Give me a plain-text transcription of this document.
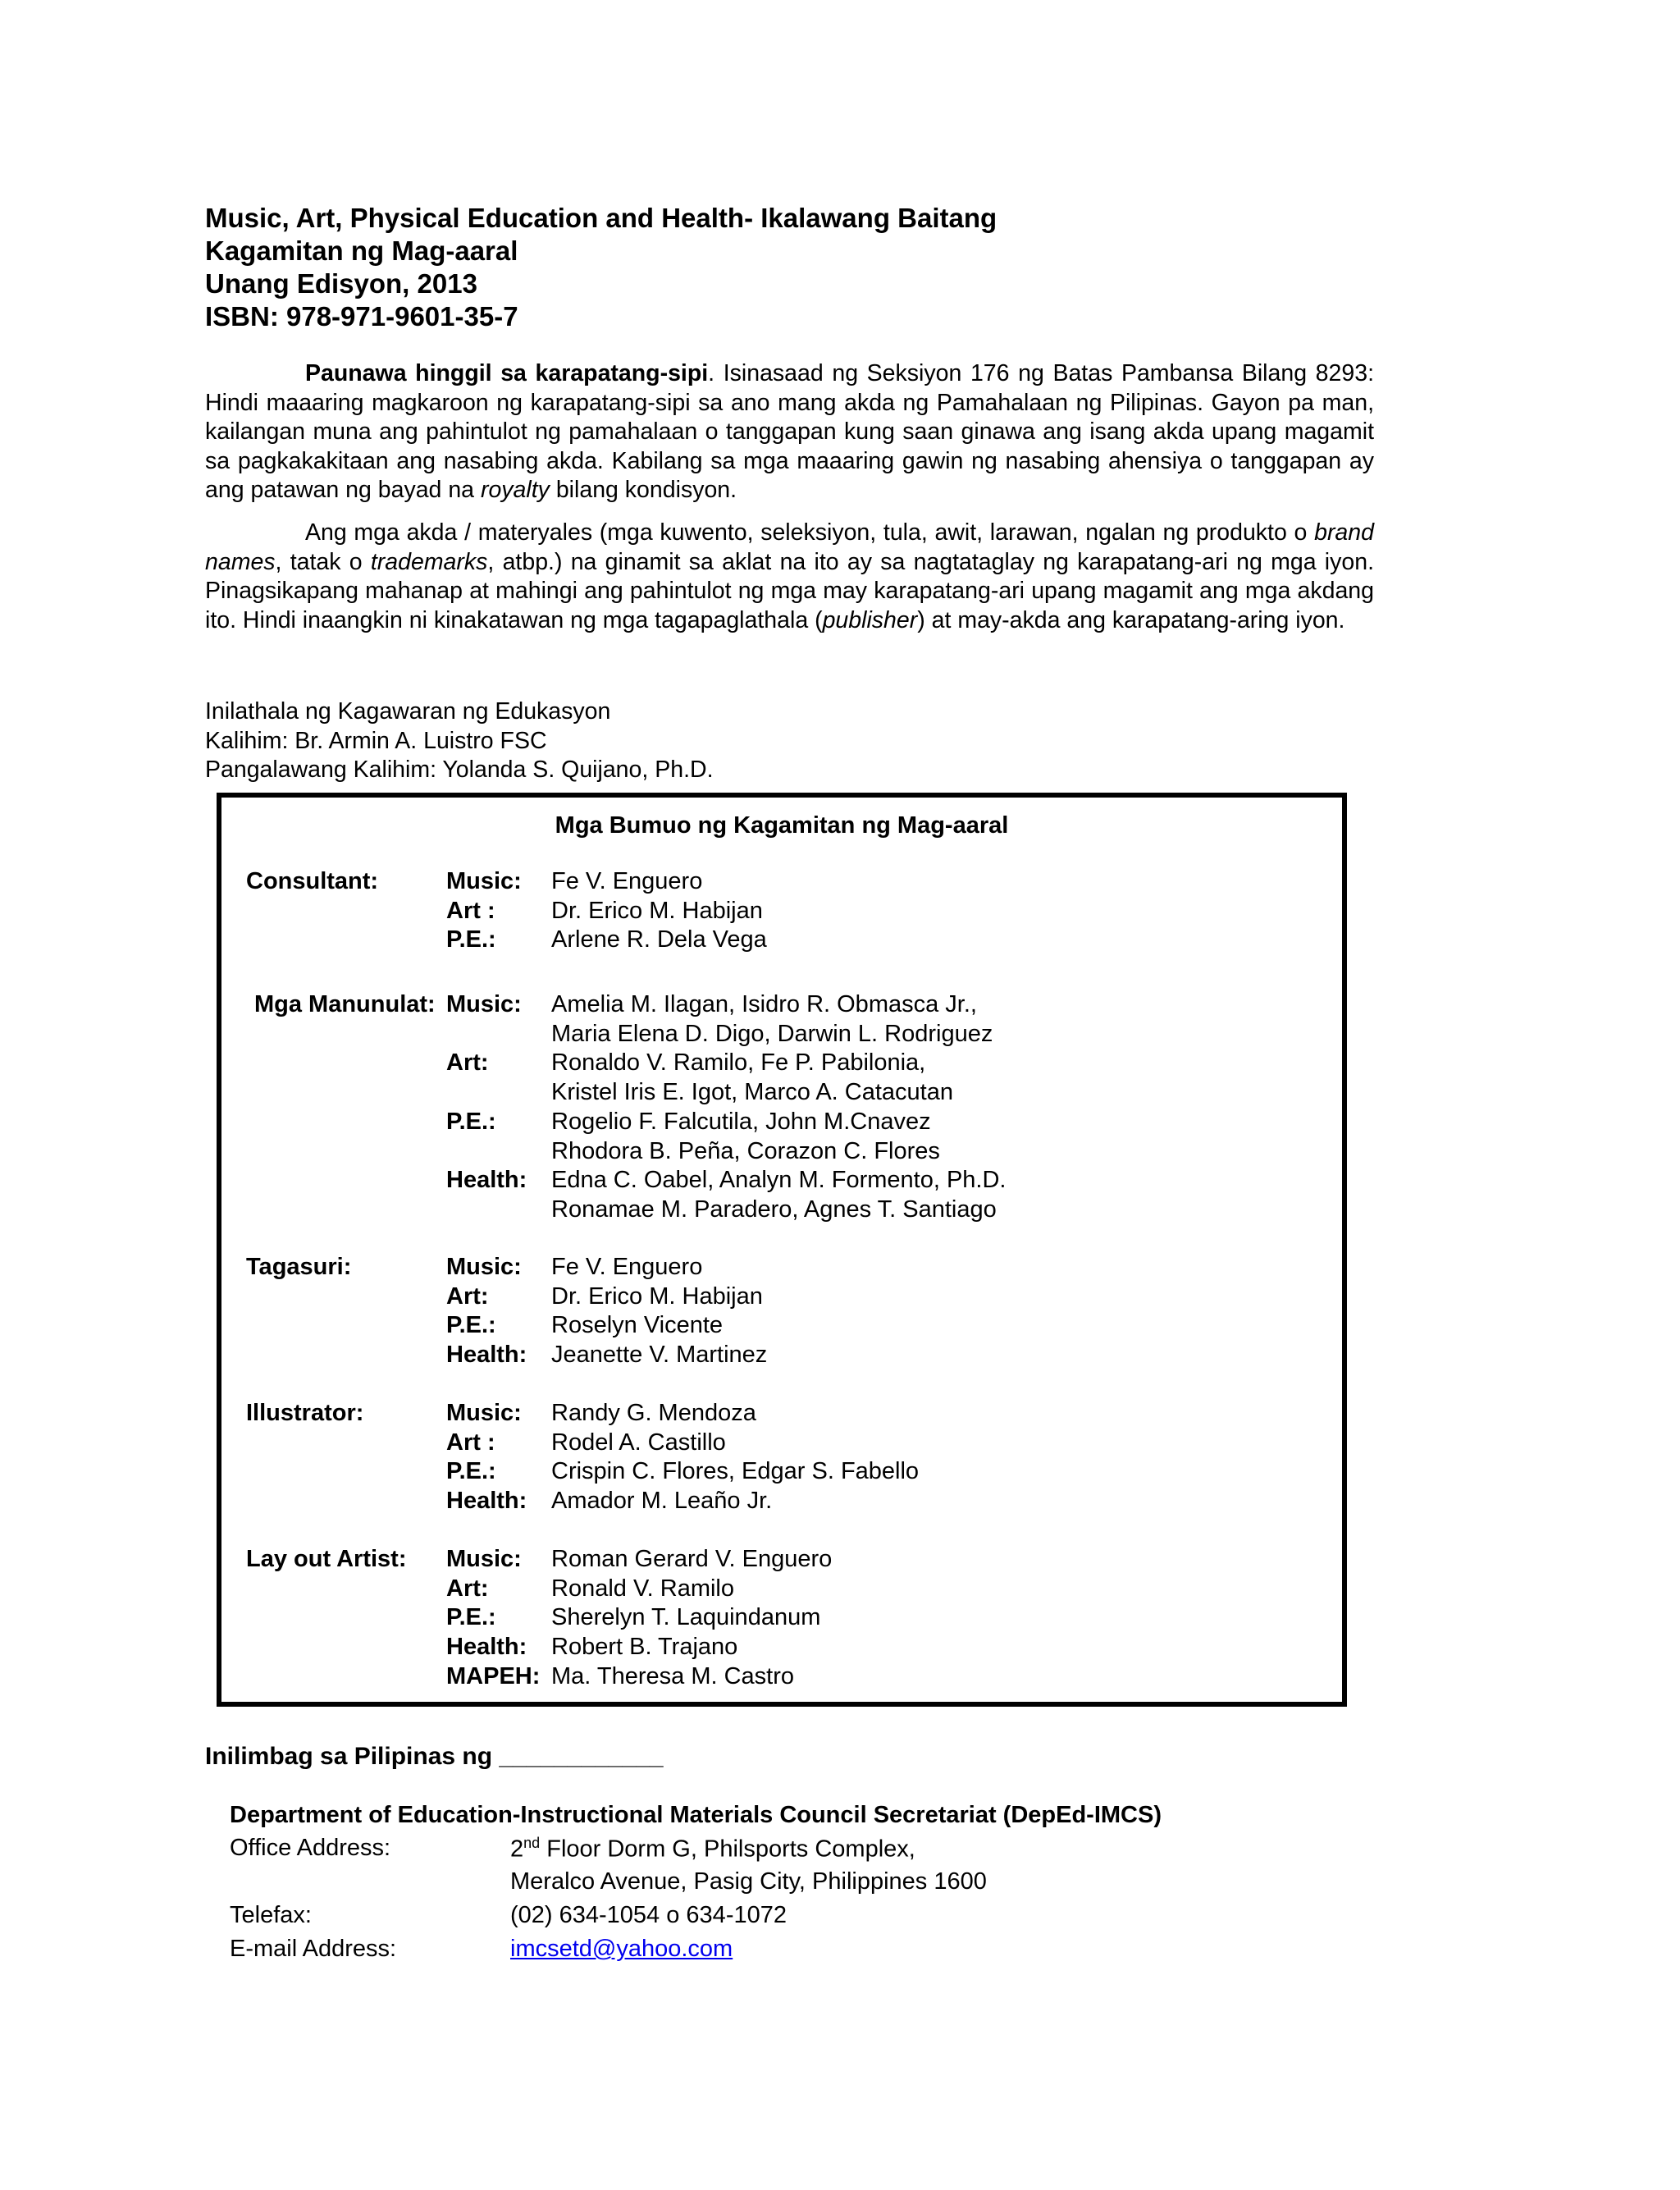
Music, Art, Physical Education and Health- Ikalawang Baitang
Kagamitan ng Mag-aaral
Unang Edisyon, 2013
ISBN: 978-971-9601-35-7
Paunawa hinggil sa karapatang-sipi. Isinasaad ng Seksiyon 176 ng Batas Pambansa Bilang 8293: Hindi maaaring magkaroon ng karapatang-sipi sa ano mang akda ng Pamahalaan ng Pilipinas. Gayon pa man, kailangan muna ang pahintulot ng pamahalaan o tanggapan kung saan ginawa ang isang akda upang magamit sa pagkakakitaan ang nasabing akda. Kabilang sa mga maaaring gawin ng nasabing ahensiya o tanggapan ay ang patawan ng bayad na royalty bilang kondisyon.
Ang mga akda / materyales (mga kuwento, seleksiyon, tula, awit, larawan, ngalan ng produkto o brand names, tatak o trademarks, atbp.) na ginamit sa aklat na ito ay sa nagtataglay ng karapatang-ari ng mga iyon. Pinagsikapang mahanap at mahingi ang pahintulot ng mga may karapatang-ari upang magamit ang mga akdang ito. Hindi inaangkin ni kinakatawan ng mga tagapaglathala (publisher) at may-akda ang karapatang-aring iyon.
Inilathala ng Kagawaran ng Edukasyon
Kalihim: Br. Armin A. Luistro FSC
Pangalawang Kalihim: Yolanda S. Quijano, Ph.D.
Mga Bumuo ng Kagamitan ng Mag-aaral
Consultant:	Music: Fe V. Enguero
Art : Dr. Erico M. Habijan
P.E.: Arlene R. Dela Vega
Mga Manunulat: Music: Amelia M. Ilagan, Isidro R. Obmasca Jr.,
Maria Elena D. Digo, Darwin L. Rodriguez
Art:	Ronaldo V. Ramilo, Fe P. Pabilonia,
Kristel Iris E. Igot, Marco A. Catacutan
P.E.: Rogelio F. Falcutila, John M.Cnavez
Rhodora B. Peña, Corazon C. Flores
Health: Edna C. Oabel, Analyn M. Formento, Ph.D.
Ronamae M. Paradero, Agnes T. Santiago
Tagasuri:	Music: Fe V. Enguero
Art:	Dr. Erico M. Habijan
P.E.: Roselyn Vicente
Health: Jeanette V. Martinez
Illustrator:	Music: Randy G. Mendoza
Art : Rodel A. Castillo
P.E.: Crispin C. Flores, Edgar S. Fabello
Health: Amador M. Leaño Jr.
Lay out Artist: Music: Roman Gerard V. Enguero
Art:	Ronald V. Ramilo
P.E.: Sherelyn T. Laquindanum
Health: Robert B. Trajano
MAPEH: Ma. Theresa M. Castro
Inilimbag sa Pilipinas ng ____________
Department of Education-Instructional Materials Council Secretariat (DepEd-IMCS)
Office Address:	2nd Floor Dorm G, Philsports Complex,
Meralco Avenue, Pasig City, Philippines 1600
Telefax:	(02) 634-1054 o 634-1072
E-mail Address:	imcsetd@yahoo.com
